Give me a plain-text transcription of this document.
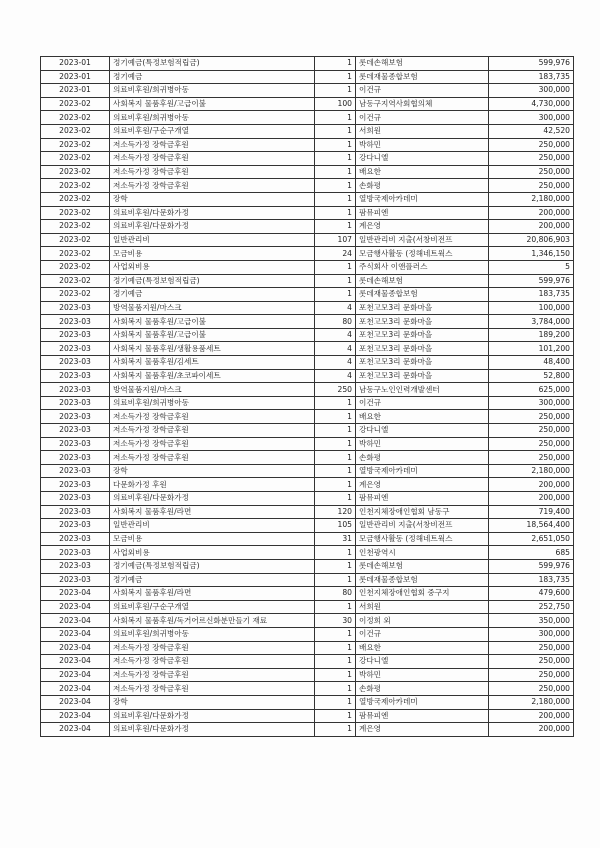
2023-01	정기예금(특정보험적립금)	1	롯데손해보험	599,976
2023-01	정기예금	1	롯데재물종합보험	183,735
2023-01	의료비후원/희귀병아동	1	이건규	300,000
2023-02	사회복지 물품후원/고급이불	100	남동구지역사회협의체	4,730,000
2023-02	의료비후원/희귀병아동	1	이건규	300,000
2023-02	의료비후원/구순구개열	1	서희원	42,520
2023-02	저소득가정 장학금후원	1	박하민	250,000
2023-02	저소득가정 장학금후원	1	강다니엘	250,000
2023-02	저소득가정 장학금후원	1	배요한	250,000
2023-02	저소득가정 장학금후원	1	손화평	250,000
2023-02	장학	1	열방국제아카데미	2,180,000
2023-02	의료비후원/다문화가정	1	팜뮤피엔	200,000
2023-02	의료비후원/다문화가정	1	계은영	200,000
2023-02	일반관리비	107	일반관리비 지출(서창비전프	20,806,903
2023-02	모금비용	24	모금행사활동 (정해네트웍스	1,346,150
2023-02	사업외비용	1	주식회사 이앤플러스	5
2023-02	정기예금(특정보험적립금)	1	롯데손해보험	599,976
2023-02	정기예금	1	롯데재물종합보험	183,735
2023-03	방역물품지원/마스크	4	포천고모3리 문화마을	100,000
2023-03	사회복지 물품후원/고급이불	80	포천고모3리 문화마을	3,784,000
2023-03	사회복지 물품후원/고급이불	4	포천고모3리 문화마을	189,200
2023-03	사회복지 물품후원/생활용품세트	4	포천고모3리 문화마을	101,200
2023-03	사회복지 물품후원/김세트	4	포천고모3리 문화마을	48,400
2023-03	사회복지 물품후원/초코파이세트	4	포천고모3리 문화마을	52,800
2023-03	방역물품지원/마스크	250	남동구노인인력개발센터	625,000
2023-03	의료비후원/희귀병아동	1	이건규	300,000
2023-03	저소득가정 장학금후원	1	배요한	250,000
2023-03	저소득가정 장학금후원	1	강다니엘	250,000
2023-03	저소득가정 장학금후원	1	박하민	250,000
2023-03	저소득가정 장학금후원	1	손화평	250,000
2023-03	장학	1	열방국제아카데미	2,180,000
2023-03	다문화가정 후원	1	계은영	200,000
2023-03	의료비후원/다문화가정	1	팜뮤피엔	200,000
2023-03	사회복지 물품후원/라면	120	인천지체장애인협회 남동구	719,400
2023-03	일반관리비	105	일반관리비 지출(서창비전프	18,564,400
2023-03	모금비용	31	모금행사활동 (정해네트웍스	2,651,050
2023-03	사업외비용	1	인천광역시	685
2023-03	정기예금(특정보험적립금)	1	롯데손해보험	599,976
2023-03	정기예금	1	롯데재물종합보험	183,735
2023-04	사회복지 물품후원/라면	80	인천지체장애인협회 중구지	479,600
2023-04	의료비후원/구순구개열	1	서희원	252,750
2023-04	사회복지 물품후원/독거어르신화분만들기 재료	30	이정희 외	350,000
2023-04	의료비후원/희귀병아동	1	이건규	300,000
2023-04	저소득가정 장학금후원	1	배요한	250,000
2023-04	저소득가정 장학금후원	1	강다니엘	250,000
2023-04	저소득가정 장학금후원	1	박하민	250,000
2023-04	저소득가정 장학금후원	1	손화평	250,000
2023-04	장학	1	열방국제아카데미	2,180,000
2023-04	의료비후원/다문화가정	1	팜뮤피엔	200,000
2023-04	의료비후원/다문화가정	1	계은영	200,000
